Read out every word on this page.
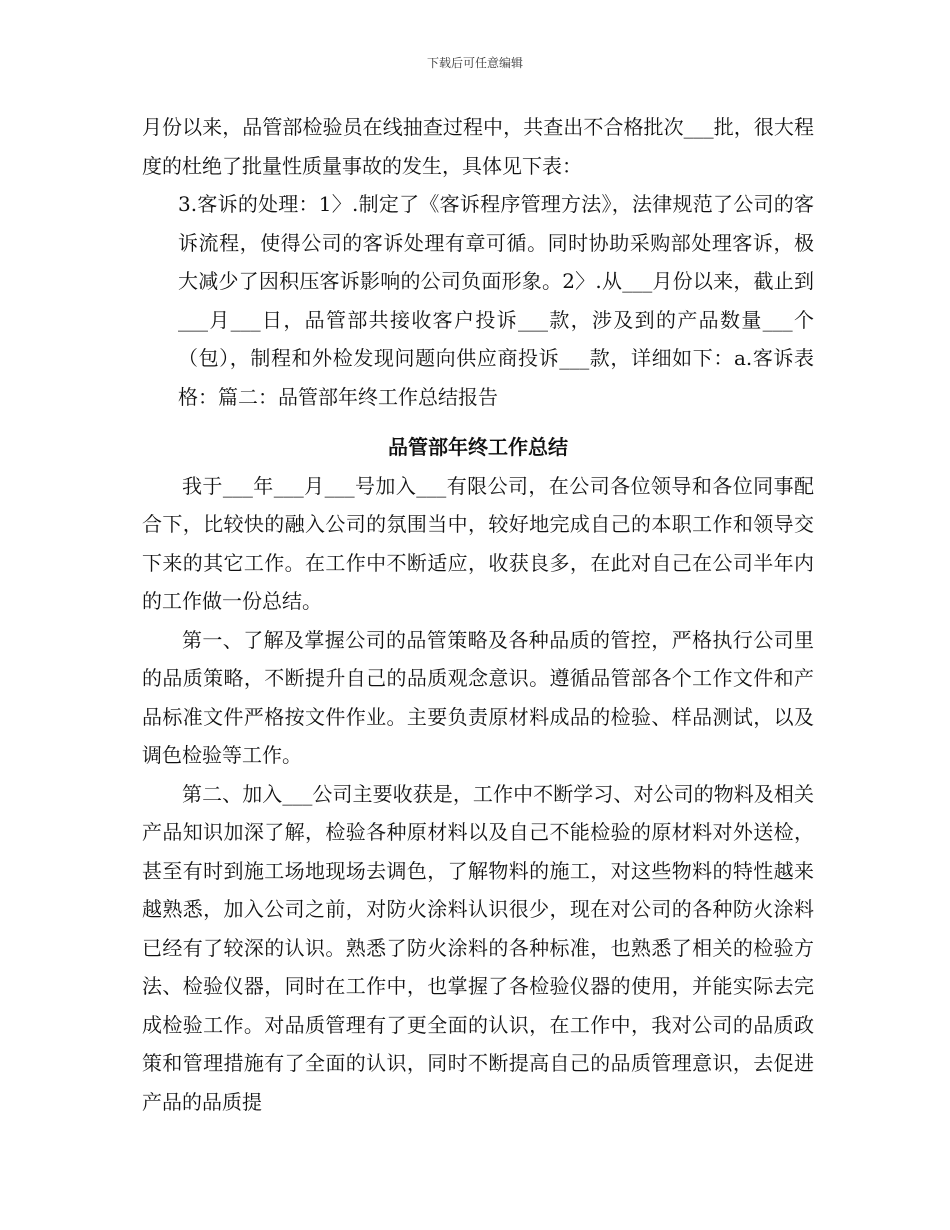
下载后可任意编辑

月份以来，品管部检验员在线抽查过程中，共查出不合格批次___批，很大程度的杜绝了批量性质量事故的发生，具体见下表：

3.客诉的处理：1〉.制定了《客诉程序管理方法》，法律规范了公司的客诉流程，使得公司的客诉处理有章可循。同时协助采购部处理客诉，极大减少了因积压客诉影响的公司负面形象。2〉.从___月份以来，截止到___月___日，品管部共接收客户投诉___款，涉及到的产品数量___个（包），制程和外检发现问题向供应商投诉___款，详细如下：a.客诉表格：篇二：品管部年终工作总结报告

品管部年终工作总结

我于___年___月___号加入___有限公司，在公司各位领导和各位同事配合下，比较快的融入公司的氛围当中，较好地完成自己的本职工作和领导交下来的其它工作。在工作中不断适应，收获良多，在此对自己在公司半年内的工作做一份总结。

第一、了解及掌握公司的品管策略及各种品质的管控，严格执行公司里的品质策略，不断提升自己的品质观念意识。遵循品管部各个工作文件和产品标准文件严格按文件作业。主要负责原材料成品的检验、样品测试，以及调色检验等工作。

第二、加入___公司主要收获是，工作中不断学习、对公司的物料及相关产品知识加深了解，检验各种原材料以及自己不能检验的原材料对外送检，甚至有时到施工场地现场去调色，了解物料的施工，对这些物料的特性越来越熟悉，加入公司之前，对防火涂料认识很少，现在对公司的各种防火涂料已经有了较深的认识。熟悉了防火涂料的各种标准，也熟悉了相关的检验方法、检验仪器，同时在工作中，也掌握了各检验仪器的使用，并能实际去完成检验工作。对品质管理有了更全面的认识，在工作中，我对公司的品质政策和管理措施有了全面的认识，同时不断提高自己的品质管理意识，去促进产品的品质提
